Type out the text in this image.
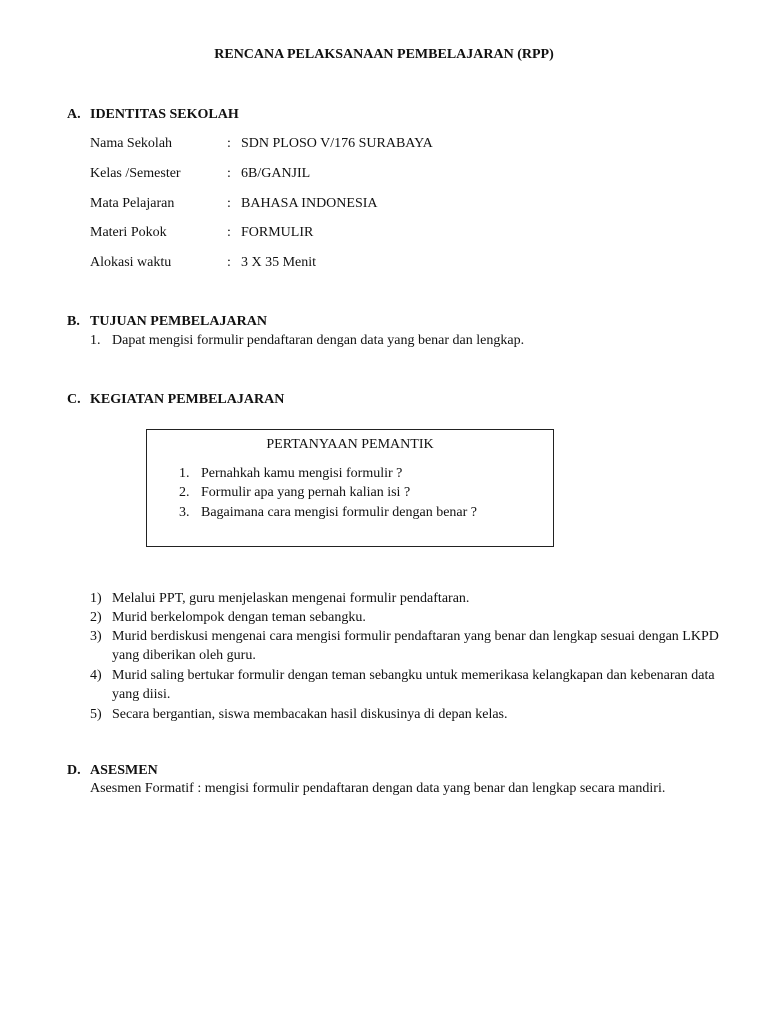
RENCANA PELAKSANAAN PEMBELAJARAN (RPP)
A. IDENTITAS SEKOLAH
Nama Sekolah	: SDN PLOSO V/176 SURABAYA
Kelas /Semester	: 6B/GANJIL
Mata Pelajaran	: BAHASA INDONESIA
Materi Pokok	: FORMULIR
Alokasi waktu	: 3 X 35 Menit
B. TUJUAN PEMBELAJARAN
1. Dapat mengisi formulir pendaftaran dengan data yang benar dan lengkap.
C. KEGIATAN PEMBELAJARAN
PERTANYAAN PEMANTIK
1. Pernahkah kamu mengisi formulir ?
2. Formulir apa yang pernah kalian isi ?
3. Bagaimana cara mengisi formulir dengan benar ?
1) Melalui PPT, guru menjelaskan mengenai formulir pendaftaran.
2) Murid berkelompok dengan teman sebangku.
3) Murid berdiskusi mengenai cara mengisi formulir pendaftaran yang benar dan lengkap sesuai dengan LKPD yang diberikan oleh guru.
4) Murid saling bertukar formulir dengan teman sebangku untuk memerikasa kelangkapan dan kebenaran data yang diisi.
5) Secara bergantian, siswa membacakan hasil diskusinya di depan kelas.
D. ASESMEN
Asesmen Formatif : mengisi formulir pendaftaran dengan data yang benar dan lengkap secara mandiri.
